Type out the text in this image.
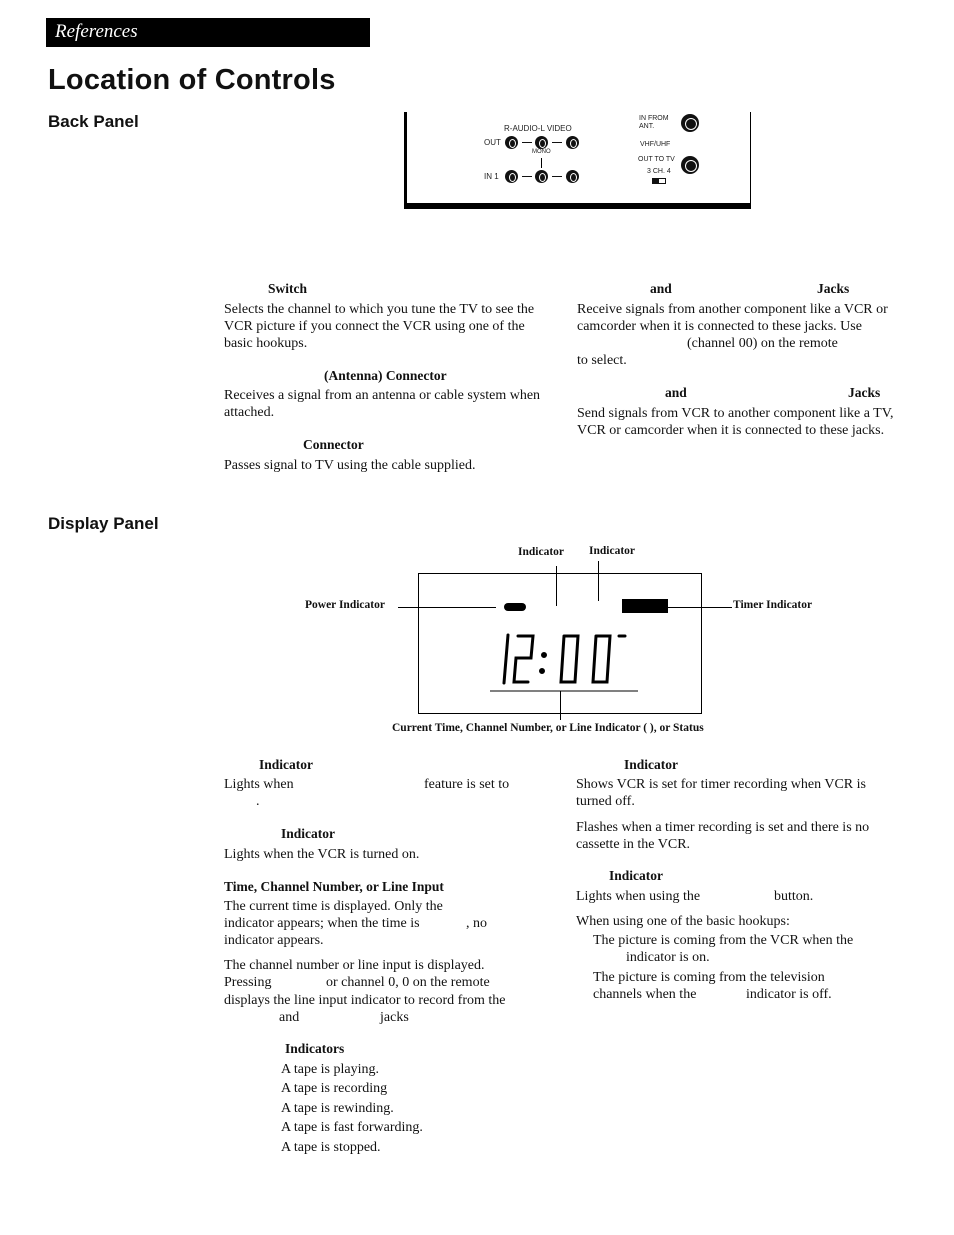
References
Location of Controls
Back Panel	R-AUDIO-L VIDEO
OUT
MONO
IN 1
IN FROM ANT.
VHF/UHF
OUT TO TV
3 CH. 4
Switch
Selects the channel to which you tune the TV to see the VCR picture if you connect the VCR using one of the basic hookups.
(Antenna) Connector
Receives a signal from an antenna or cable system when attached.
Connector
Passes signal to TV using the cable supplied.
and	Jacks
Receive signals from another component like a VCR or camcorder when it is connected to these jacks. Use
(channel 00) on the remote
to select.
and	Jacks
Send signals from VCR to another component like a TV, VCR or camcorder when it is connected to these jacks.
Display Panel
Indicator Indicator
Power Indicator	Timer Indicator
Current Time, Channel Number, or Line Indicator ( ), or Status
Indicator
Lights when	feature is set to
.
Indicator
Lights when the VCR is turned on.
Time, Channel Number, or Line Input
The current time is displayed. Only the
indicator appears; when the time is	, no
indicator appears.
The channel number or line input is displayed.
Pressing	or channel 0, 0 on the remote
displays the line input indicator to record from the
and	jacks
Indicators
A tape is playing.
A tape is recording
A tape is rewinding.
A tape is fast forwarding.
A tape is stopped.
Indicator
Shows VCR is set for timer recording when VCR is turned off.
Flashes when a timer recording is set and there is no cassette in the VCR.
Indicator
Lights when using the	button.
When using one of the basic hookups:
The picture is coming from the VCR when the
indicator is on.
The picture is coming from the television
channels when the	indicator is off.
